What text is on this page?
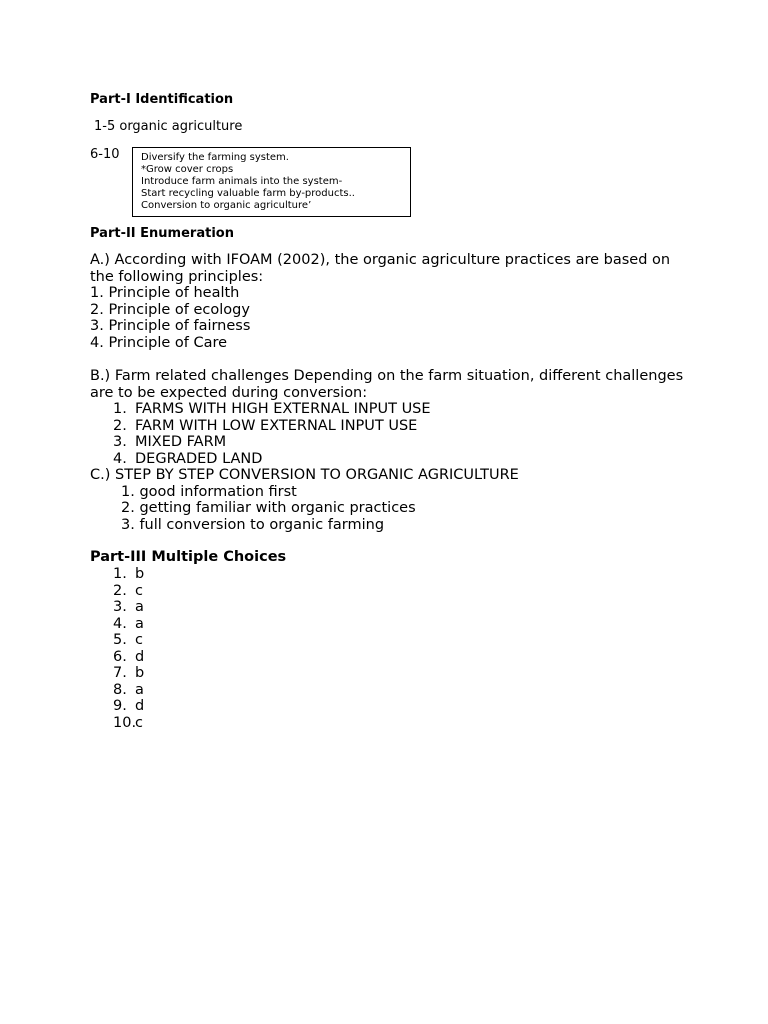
Part-I Identification
1-5 organic agriculture
6-10 Diversify the farming system.
*Grow cover crops
Introduce farm animals into the system-
Start recycling valuable farm by-products..
Conversion to organic agriculture’
Part-II Enumeration
A.) According with IFOAM (2002), the organic agriculture practices are based on the following principles:
1. Principle of health
2. Principle of ecology
3. Principle of fairness
4. Principle of Care
B.) Farm related challenges Depending on the farm situation, different challenges are to be expected during conversion:
1. FARMS WITH HIGH EXTERNAL INPUT USE
2. FARM WITH LOW EXTERNAL INPUT USE
3. MIXED FARM
4. DEGRADED LAND
C.) STEP BY STEP CONVERSION TO ORGANIC AGRICULTURE
1. good information first
2. getting familiar with organic practices
3. full conversion to organic farming
Part-III Multiple Choices
1. b
2. c
3. a
4. a
5. c
6. d
7. b
8. a
9. d
10.
c
